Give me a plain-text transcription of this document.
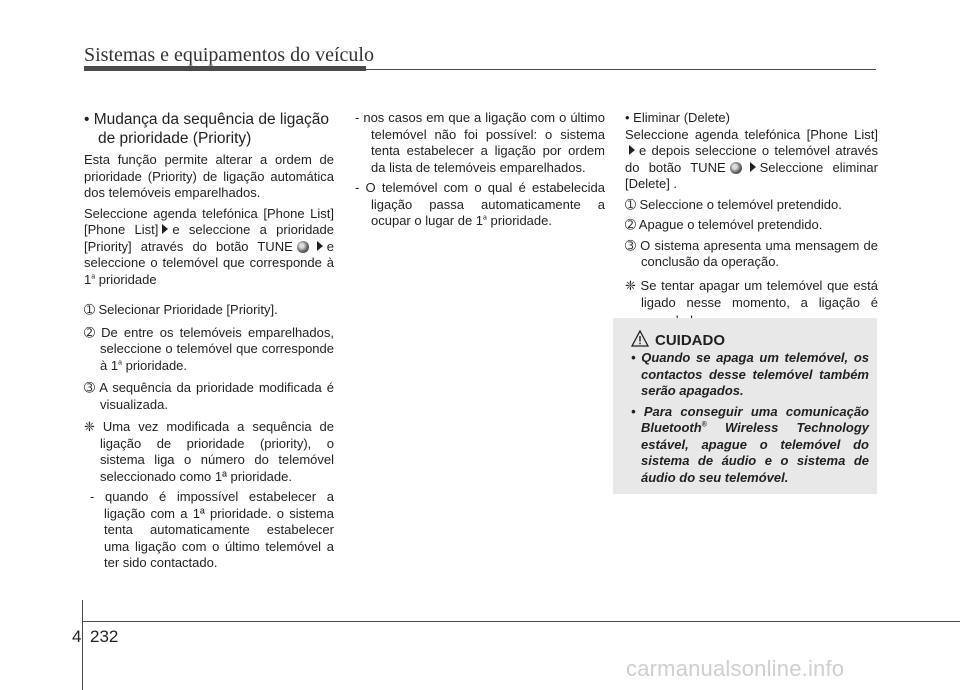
Sistemas e equipamentos do veículo
• Mudança da sequência de ligação
de prioridade (Priority)

Esta função permite alterar a ordem de prioridade (Priority) de ligação automática dos telemóveis emparelhados.

Seleccione agenda telefónica [Phone List] [Phone List] e seleccione a prioridade [Priority] através do botão TUNE	e seleccione o telemóvel que corresponde à 1$^a$ prioridade

➀ Selecionar Prioridade [Priority].

➁ De entre os telemóveis emparelhados, seleccione o telemóvel que corresponde à 1$^a$ prioridade.

➂ A sequência da prioridade modificada é visualizada.

❈ Uma vez modificada a sequência de ligação de prioridade (priority), o sistema liga o número do telemóvel seleccionado como 1ª prioridade.

- quando é impossível estabelecer a ligação com a 1ª prioridade. o sistema tenta automaticamente estabelecer uma ligação com o último telemóvel a ter sido contactado.

- nos casos em que a ligação com o último telemóvel não foi possível: o sistema tenta estabelecer a ligação por ordem da lista de telemóveis emparelhados.

- O telemóvel com o qual é estabelecida ligação passa automaticamente a ocupar o lugar de 1$^a$ prioridade.

• Eliminar (Delete)

Seleccione agenda telefónica [Phone List]e depois seleccione o telemóvel através do botão TUNE	Seleccione eliminar [Delete] .

➀ Seleccione o telemóvel pretendido.

➁ Apague o telemóvel pretendido.

➂ O sistema apresenta uma mensagem de conclusão da operação.

❈ Se tentar apagar um telemóvel que está ligado nesse momento, a ligação é

CUIDADO

• Quando se apaga um telemóvel, os contactos desse telemóvel também serão apagados.

• Para conseguir uma comunicação Bluetooth® Wireless Technology estável, apague o telemóvel do sistema de áudio e o sistema de áudio do seu telemóvel.

4 232
carmanualsonline.info
